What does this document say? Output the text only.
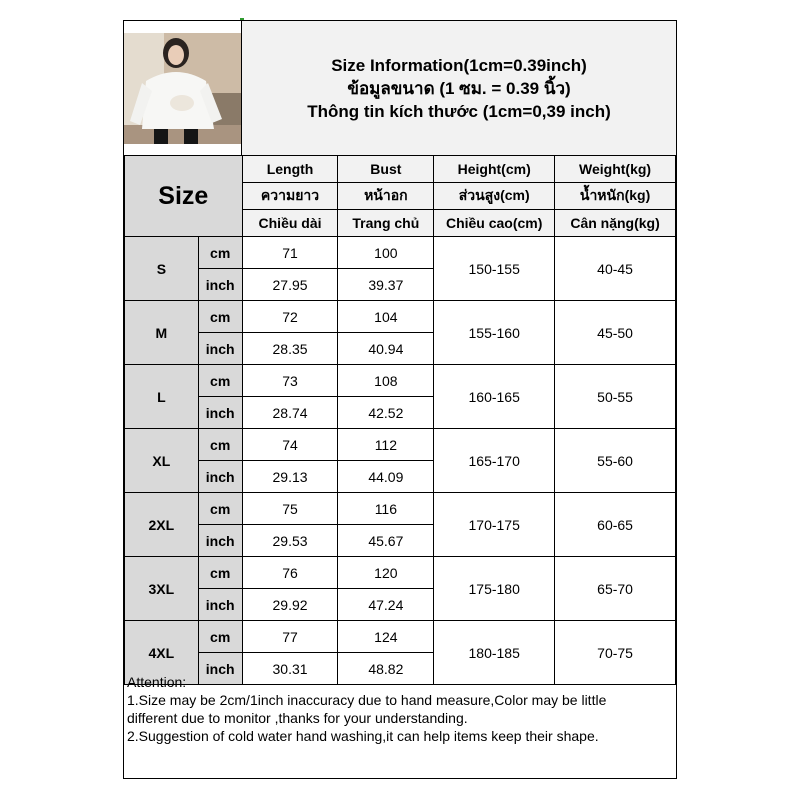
Size Information(1cm=0.39inch)
ข้อมูลขนาด (1 ซม. = 0.39 นิ้ว)
Thông tin kích thước (1cm=0,39 inch)
Size		Length	Bust	Height(cm)	Weight(kg)
		ความยาว	หน้าอก	ส่วนสูง(cm)	น้ำหนัก(kg)
		Chiều dài	Trang chủ	Chiều cao(cm)	Cân nặng(kg)
S	cm	71	100	150-155	40-45
	inch	27.95	39.37		
M	cm	72	104	155-160	45-50
	inch	28.35	40.94		
L	cm	73	108	160-165	50-55
	inch	28.74	42.52		
XL	cm	74	112	165-170	55-60
	inch	29.13	44.09		
2XL	cm	75	116	170-175	60-65
	inch	29.53	45.67		
3XL	cm	76	120	175-180	65-70
	inch	29.92	47.24		
4XL	cm	77	124	180-185	70-75
	inch	30.31	48.82		
Attention:
1.Size may be 2cm/1inch inaccuracy due to hand measure,Color may be little
different due to monitor ,thanks for your understanding.
2.Suggestion of cold water hand washing,it can help items keep their shape.
